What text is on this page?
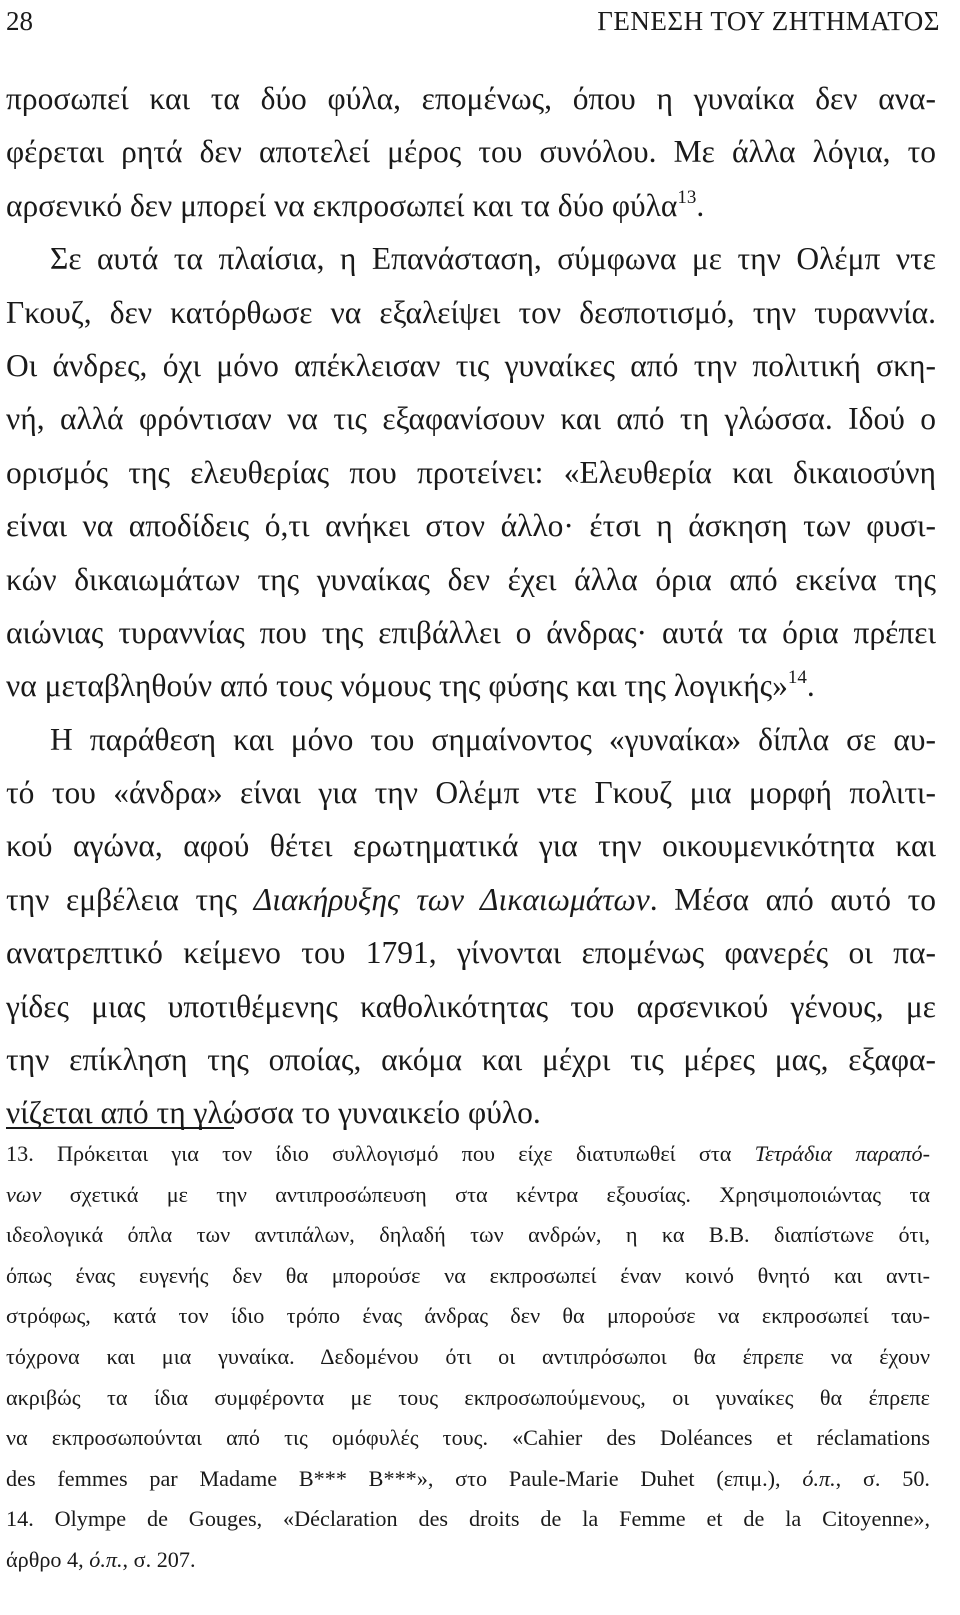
28	ΓΕΝΕΣΗ ΤΟΥ ΖΗΤΗΜΑΤΟΣ
προσωπεί και τα δύο φύλα, επομένως, όπου η γυναίκα δεν ανα-
φέρεται ρητά δεν αποτελεί μέρος του συνόλου. Με άλλα λόγια, το
αρσενικό δεν μπορεί να εκπροσωπεί και τα δύο φύλα$^{13}$.
Σε αυτά τα πλαίσια, η Επανάσταση, σύμφωνα με την Ολέμπ ντε
Γκουζ, δεν κατόρθωσε να εξαλείψει τον δεσποτισμό, την τυραννία.
Οι άνδρες, όχι μόνο απέκλεισαν τις γυναίκες από την πολιτική σκη-
νή, αλλά φρόντισαν να τις εξαφανίσουν και από τη γλώσσα. Ιδού ο
ορισμός της ελευθερίας που προτείνει: «Ελευθερία και δικαιοσύνη
είναι να αποδίδεις ό,τι ανήκει στον άλλο· έτσι η άσκηση των φυσι-
κών δικαιωμάτων της γυναίκας δεν έχει άλλα όρια από εκείνα της
αιώνιας τυραννίας που της επιβάλλει ο άνδρας· αυτά τα όρια πρέπει
να μεταβληθούν από τους νόμους της φύσης και της λογικής»$^{14}$.
Η παράθεση και μόνο του σημαίνοντος «γυναίκα» δίπλα σε αυ-
τό του «άνδρα» είναι για την Ολέμπ ντε Γκουζ μια μορφή πολιτι-
κού αγώνα, αφού θέτει ερωτηματικά για την οικουμενικότητα και
την εμβέλεια της Διακήρυξης των Δικαιωμάτων. Μέσα από αυτό το
ανατρεπτικό κείμενο του 1791, γίνονται επομένως φανερές οι πα-
γίδες μιας υποτιθέμενης καθολικότητας του αρσενικού γένους, με
την επίκληση της οποίας, ακόμα και μέχρι τις μέρες μας, εξαφα-
νίζεται από τη γλώσσα το γυναικείο φύλο.
13. Πρόκειται για τον ίδιο συλλογισμό που είχε διατυπωθεί στα Τετράδια παραπό-
νων σχετικά με την αντιπροσώπευση στα κέντρα εξουσίας. Χρησιμοποιώντας τα
ιδεολογικά όπλα των αντιπάλων, δηλαδή των ανδρών, η κα Β.Β. διαπίστωνε ότι,
όπως ένας ευγενής δεν θα μπορούσε να εκπροσωπεί έναν κοινό θνητό και αντι-
στρόφως, κατά τον ίδιο τρόπο ένας άνδρας δεν θα μπορούσε να εκπροσωπεί ταυ-
τόχρονα και μια γυναίκα. Δεδομένου ότι οι αντιπρόσωποι θα έπρεπε να έχουν
ακριβώς τα ίδια συμφέροντα με τους εκπροσωπούμενους, οι γυναίκες θα έπρεπε
να εκπροσωπούνται από τις ομόφυλές τους. «Cahier des Doléances et réclamations
des femmes par Madame B*** B***», στο Paule-Marie Duhet (επιμ.), ό.π., σ. 50.
14. Olympe de Gouges, «Déclaration des droits de la Femme et de la Citoyenne»,
άρθρο 4, ό.π., σ. 207.
